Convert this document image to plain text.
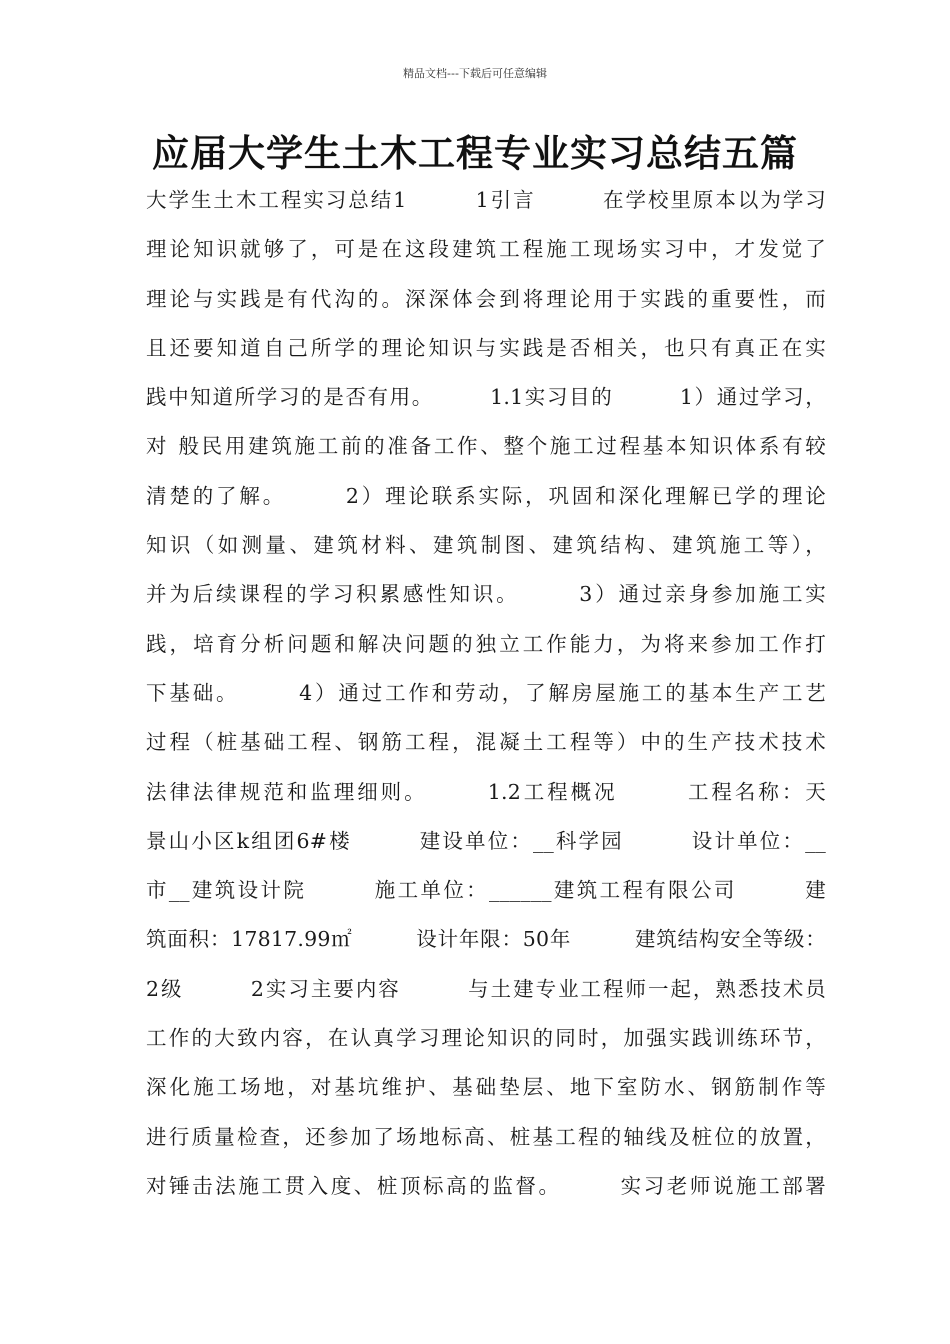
精品文档---下载后可任意编辑
应届大学生土木工程专业实习总结五篇
大学生土木工程实习总结1　　　1引言　　　在学校里原本以为学习
理论知识就够了，可是在这段建筑工程施工现场实习中，才发觉了
理论与实践是有代沟的。深深体会到将理论用于实践的重要性，而
且还要知道自己所学的理论知识与实践是否相关，也只有真正在实
践中知道所学习的是否有用。　　　1.1实习目的　　　1）通过学习，
对 般民用建筑施工前的准备工作、整个施工过程基本知识体系有较
清楚的了解。　　　2）理论联系实际，巩固和深化理解已学的理论
知识（如测量、建筑材料、建筑制图、建筑结构、建筑施工等），
并为后续课程的学习积累感性知识。　　　3）通过亲身参加施工实
践，培育分析问题和解决问题的独立工作能力，为将来参加工作打
下基础。　　　4）通过工作和劳动，了解房屋施工的基本生产工艺
过程（桩基础工程、钢筋工程，混凝土工程等）中的生产技术技术
法律法律规范和监理细则。　　　1.2工程概况　　　工程名称：天
景山小区k组团6#楼　　　建设单位：__科学园　　　设计单位：__
市__建筑设计院　　　施工单位：______建筑工程有限公司　　　建
筑面积：17817.99㎡　　　设计年限：50年　　　建筑结构安全等级：
2级　　　2实习主要内容　　　与土建专业工程师一起，熟悉技术员
工作的大致内容，在认真学习理论知识的同时，加强实践训练环节，
深化施工场地，对基坑维护、基础垫层、地下室防水、钢筋制作等
进行质量检查，还参加了场地标高、桩基工程的轴线及桩位的放置，
对锤击法施工贯入度、桩顶标高的监督。　　　实习老师说施工部署
